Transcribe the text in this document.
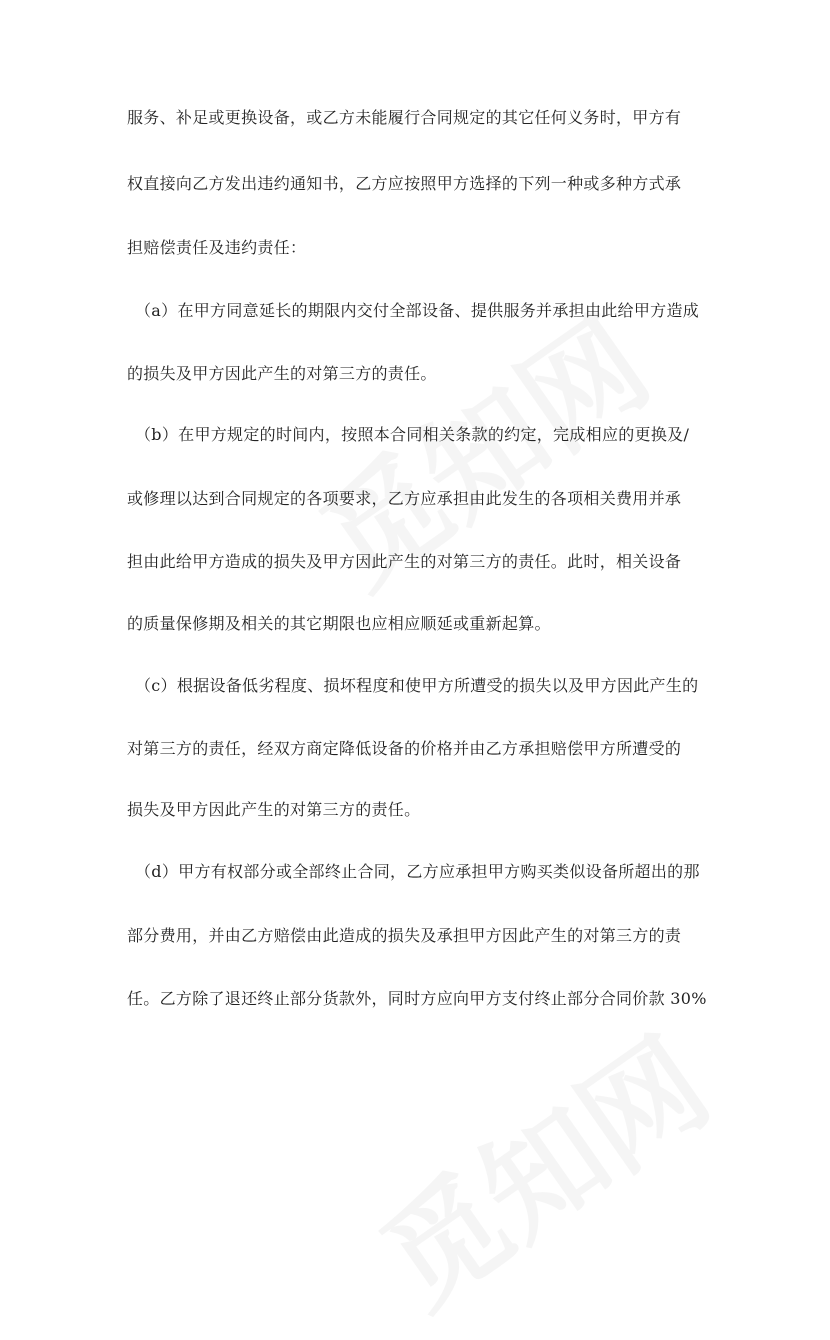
服务、补足或更换设备，或乙方未能履行合同规定的其它任何义务时，甲方有
权直接向乙方发出违约通知书，乙方应按照甲方选择的下列一种或多种方式承
担赔偿责任及违约责任：
（a）在甲方同意延长的期限内交付全部设备、提供服务并承担由此给甲方造成
的损失及甲方因此产生的对第三方的责任。
（b）在甲方规定的时间内，按照本合同相关条款的约定，完成相应的更换及/
或修理以达到合同规定的各项要求，乙方应承担由此发生的各项相关费用并承
担由此给甲方造成的损失及甲方因此产生的对第三方的责任。此时，相关设备
的质量保修期及相关的其它期限也应相应顺延或重新起算。
（c）根据设备低劣程度、损坏程度和使甲方所遭受的损失以及甲方因此产生的
对第三方的责任，经双方商定降低设备的价格并由乙方承担赔偿甲方所遭受的
损失及甲方因此产生的对第三方的责任。
（d）甲方有权部分或全部终止合同，乙方应承担甲方购买类似设备所超出的那
部分费用，并由乙方赔偿由此造成的损失及承担甲方因此产生的对第三方的责
任。乙方除了退还终止部分货款外，同时方应向甲方支付终止部分合同价款 30%
